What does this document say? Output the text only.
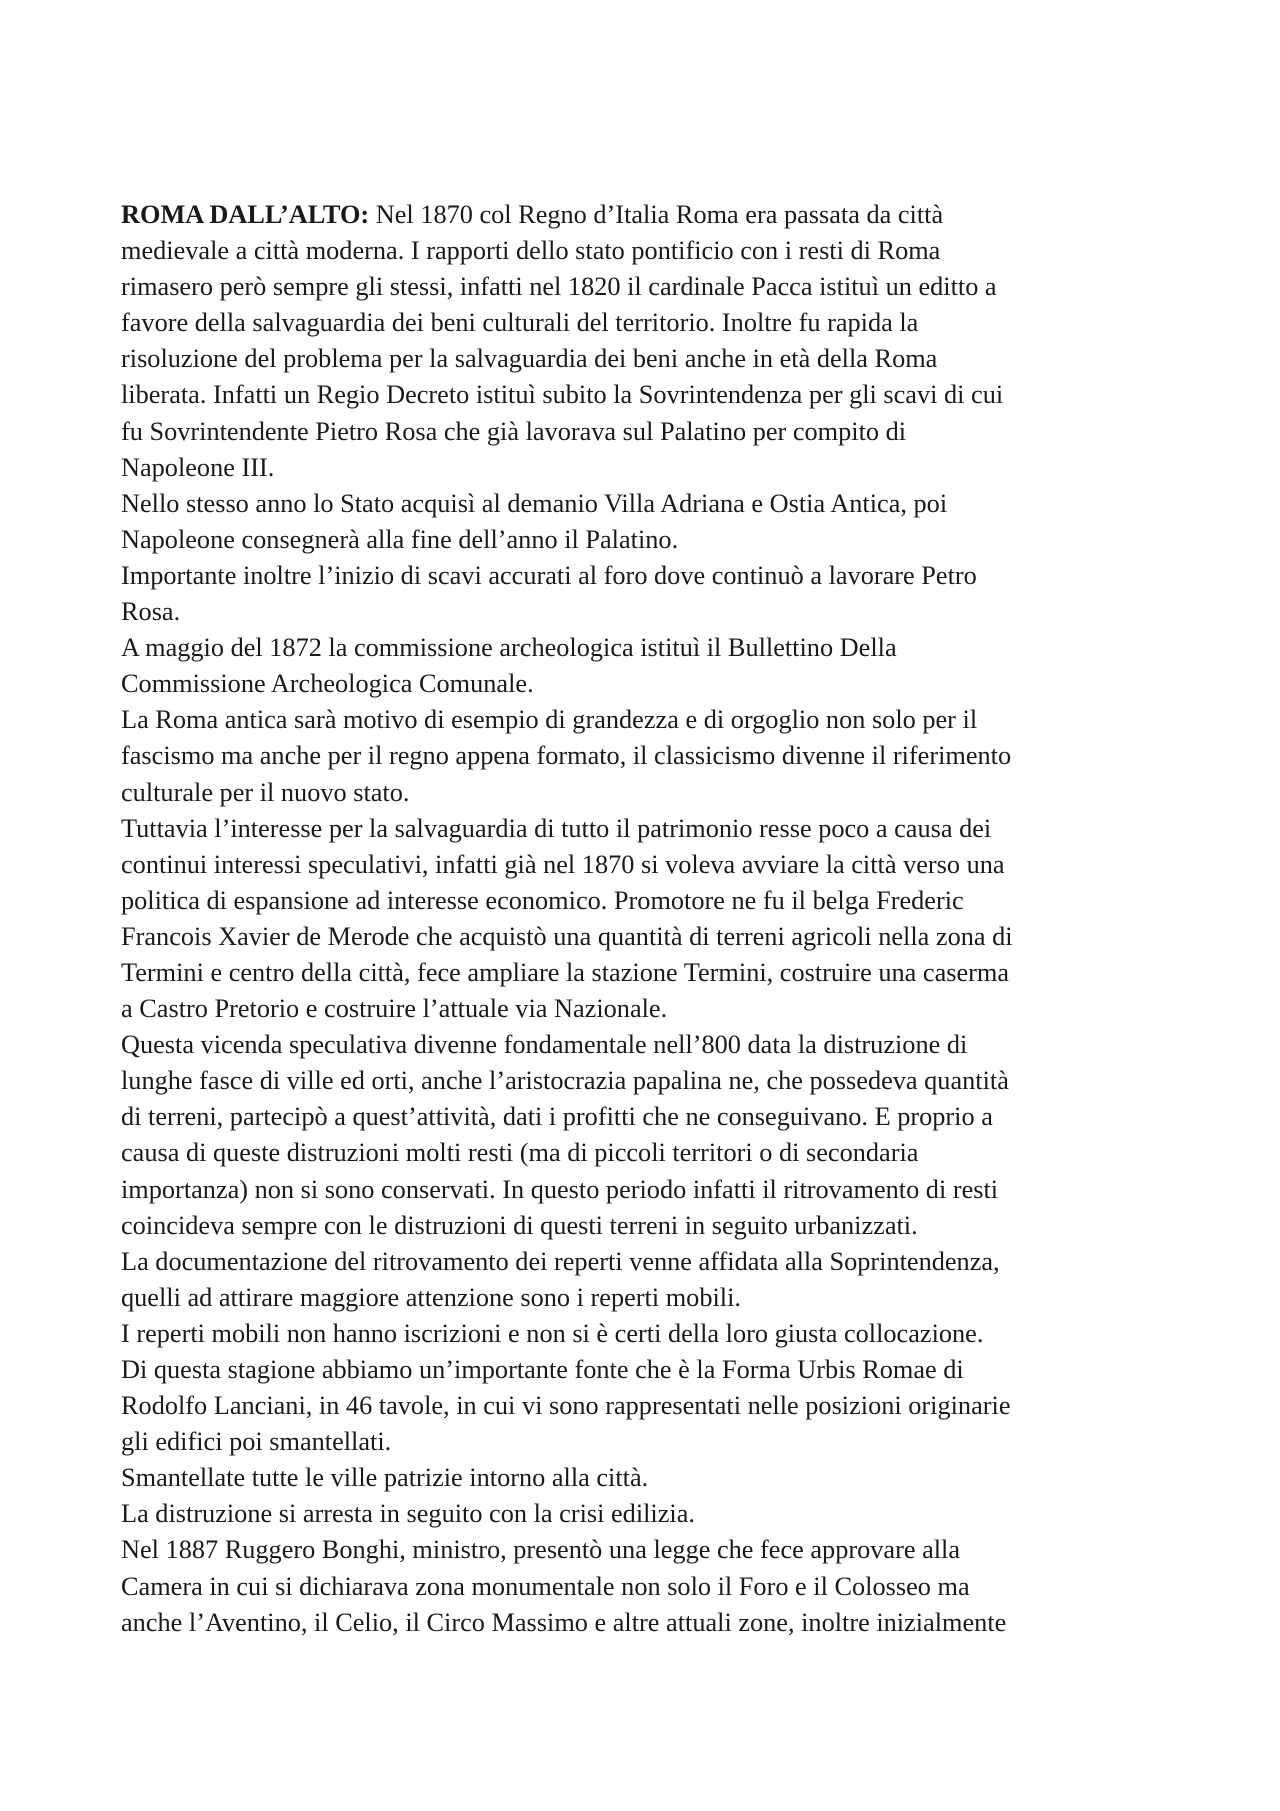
ROMA DALL’ALTO: Nel 1870 col Regno d’Italia Roma era passata da città
medievale a città moderna. I rapporti dello stato pontificio con i resti di Roma
rimasero però sempre gli stessi, infatti nel 1820 il cardinale Pacca istituì un editto a
favore della salvaguardia dei beni culturali del territorio. Inoltre fu rapida la
risoluzione del problema per la salvaguardia dei beni anche in età della Roma
liberata. Infatti un Regio Decreto istituì subito la Sovrintendenza per gli scavi di cui
fu Sovrintendente Pietro Rosa che già lavorava sul Palatino per compito di
Napoleone III.
Nello stesso anno lo Stato acquisì al demanio Villa Adriana e Ostia Antica, poi
Napoleone consegnerà alla fine dell’anno il Palatino.
Importante inoltre l’inizio di scavi accurati al foro dove continuò a lavorare Petro
Rosa.
A maggio del 1872 la commissione archeologica istituì il Bullettino Della
Commissione Archeologica Comunale.
La Roma antica sarà motivo di esempio di grandezza e di orgoglio non solo per il
fascismo ma anche per il regno appena formato, il classicismo divenne il riferimento
culturale per il nuovo stato.
Tuttavia l’interesse per la salvaguardia di tutto il patrimonio resse poco a causa dei
continui interessi speculativi, infatti già nel 1870 si voleva avviare la città verso una
politica di espansione ad interesse economico. Promotore ne fu il belga Frederic
Francois Xavier de Merode che acquistò una quantità di terreni agricoli nella zona di
Termini e centro della città, fece ampliare la stazione Termini, costruire una caserma
a Castro Pretorio e costruire l’attuale via Nazionale.
Questa vicenda speculativa divenne fondamentale nell’800 data la distruzione di
lunghe fasce di ville ed orti, anche l’aristocrazia papalina ne, che possedeva quantità
di terreni, partecipò a quest’attività, dati i profitti che ne conseguivano. E proprio a
causa di queste distruzioni molti resti (ma di piccoli territori o di secondaria
importanza) non si sono conservati. In questo periodo infatti il ritrovamento di resti
coincideva sempre con le distruzioni di questi terreni in seguito urbanizzati.
La documentazione del ritrovamento dei reperti venne affidata alla Soprintendenza,
quelli ad attirare maggiore attenzione sono i reperti mobili.
I reperti mobili non hanno iscrizioni e non si è certi della loro giusta collocazione.
Di questa stagione abbiamo un’importante fonte che è la Forma Urbis Romae di
Rodolfo Lanciani, in 46 tavole, in cui vi sono rappresentati nelle posizioni originarie
gli edifici poi smantellati.
Smantellate tutte le ville patrizie intorno alla città.
La distruzione si arresta in seguito con la crisi edilizia.
Nel 1887 Ruggero Bonghi, ministro, presentò una legge che fece approvare alla
Camera in cui si dichiarava zona monumentale non solo il Foro e il Colosseo ma
anche l’Aventino, il Celio, il Circo Massimo e altre attuali zone, inoltre inizialmente
